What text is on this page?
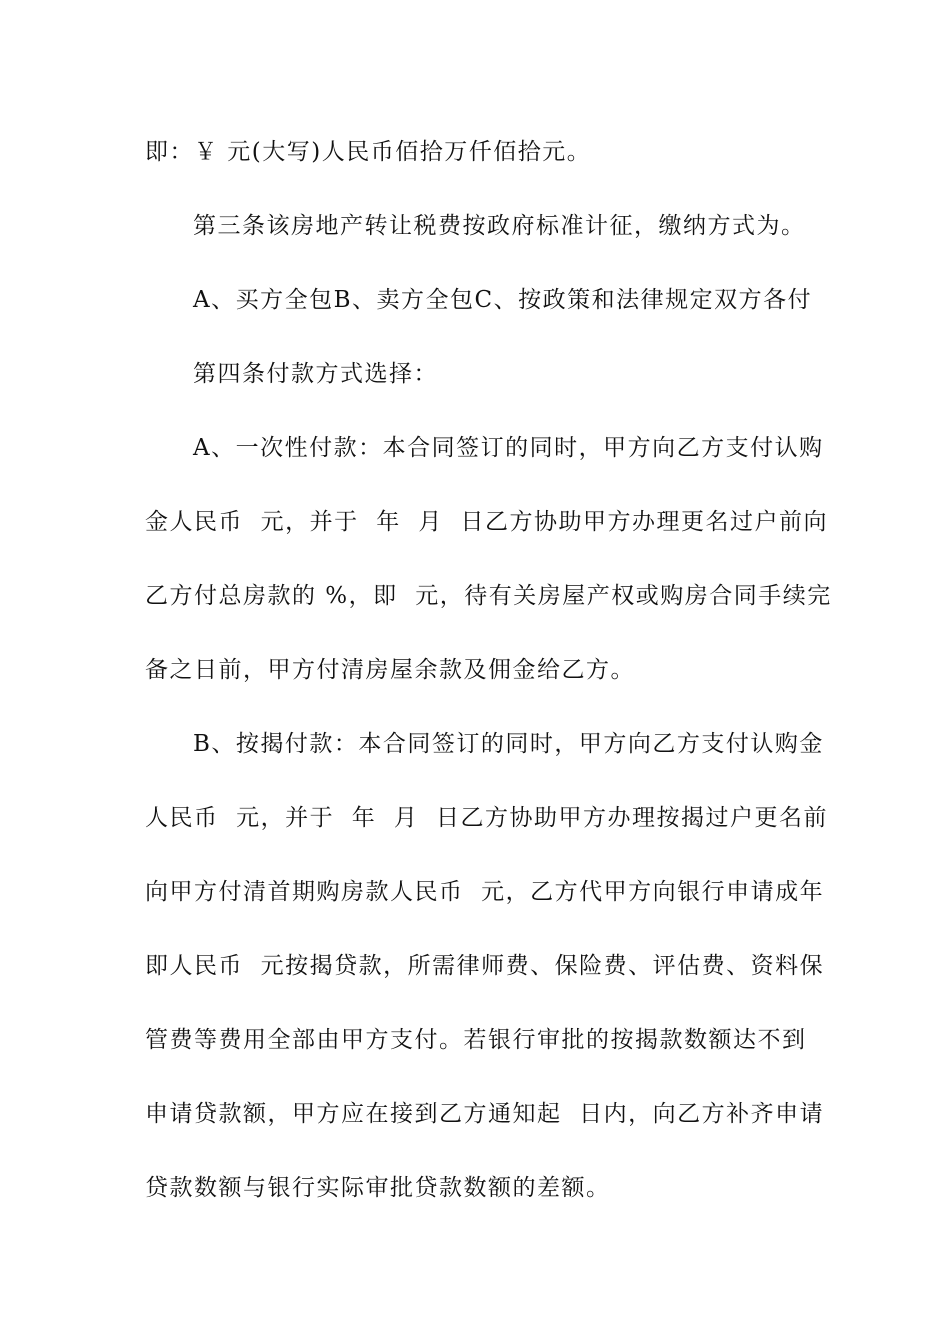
即：￥ 元(大写)人民币佰拾万仟佰拾元。
第三条该房地产转让税费按政府标准计征，缴纳方式为。
A、买方全包B、卖方全包C、按政策和法律规定双方各付
第四条付款方式选择：
A、一次性付款：本合同签订的同时，甲方向乙方支付认购
金人民币  元，并于  年  月  日乙方协助甲方办理更名过户前向
乙方付总房款的 %，即  元，待有关房屋产权或购房合同手续完
备之日前，甲方付清房屋余款及佣金给乙方。
B、按揭付款：本合同签订的同时，甲方向乙方支付认购金
人民币  元，并于  年  月  日乙方协助甲方办理按揭过户更名前
向甲方付清首期购房款人民币  元，乙方代甲方向银行申请成年
即人民币  元按揭贷款，所需律师费、保险费、评估费、资料保
管费等费用全部由甲方支付。若银行审批的按揭款数额达不到
申请贷款额，甲方应在接到乙方通知起  日内，向乙方补齐申请
贷款数额与银行实际审批贷款数额的差额。
